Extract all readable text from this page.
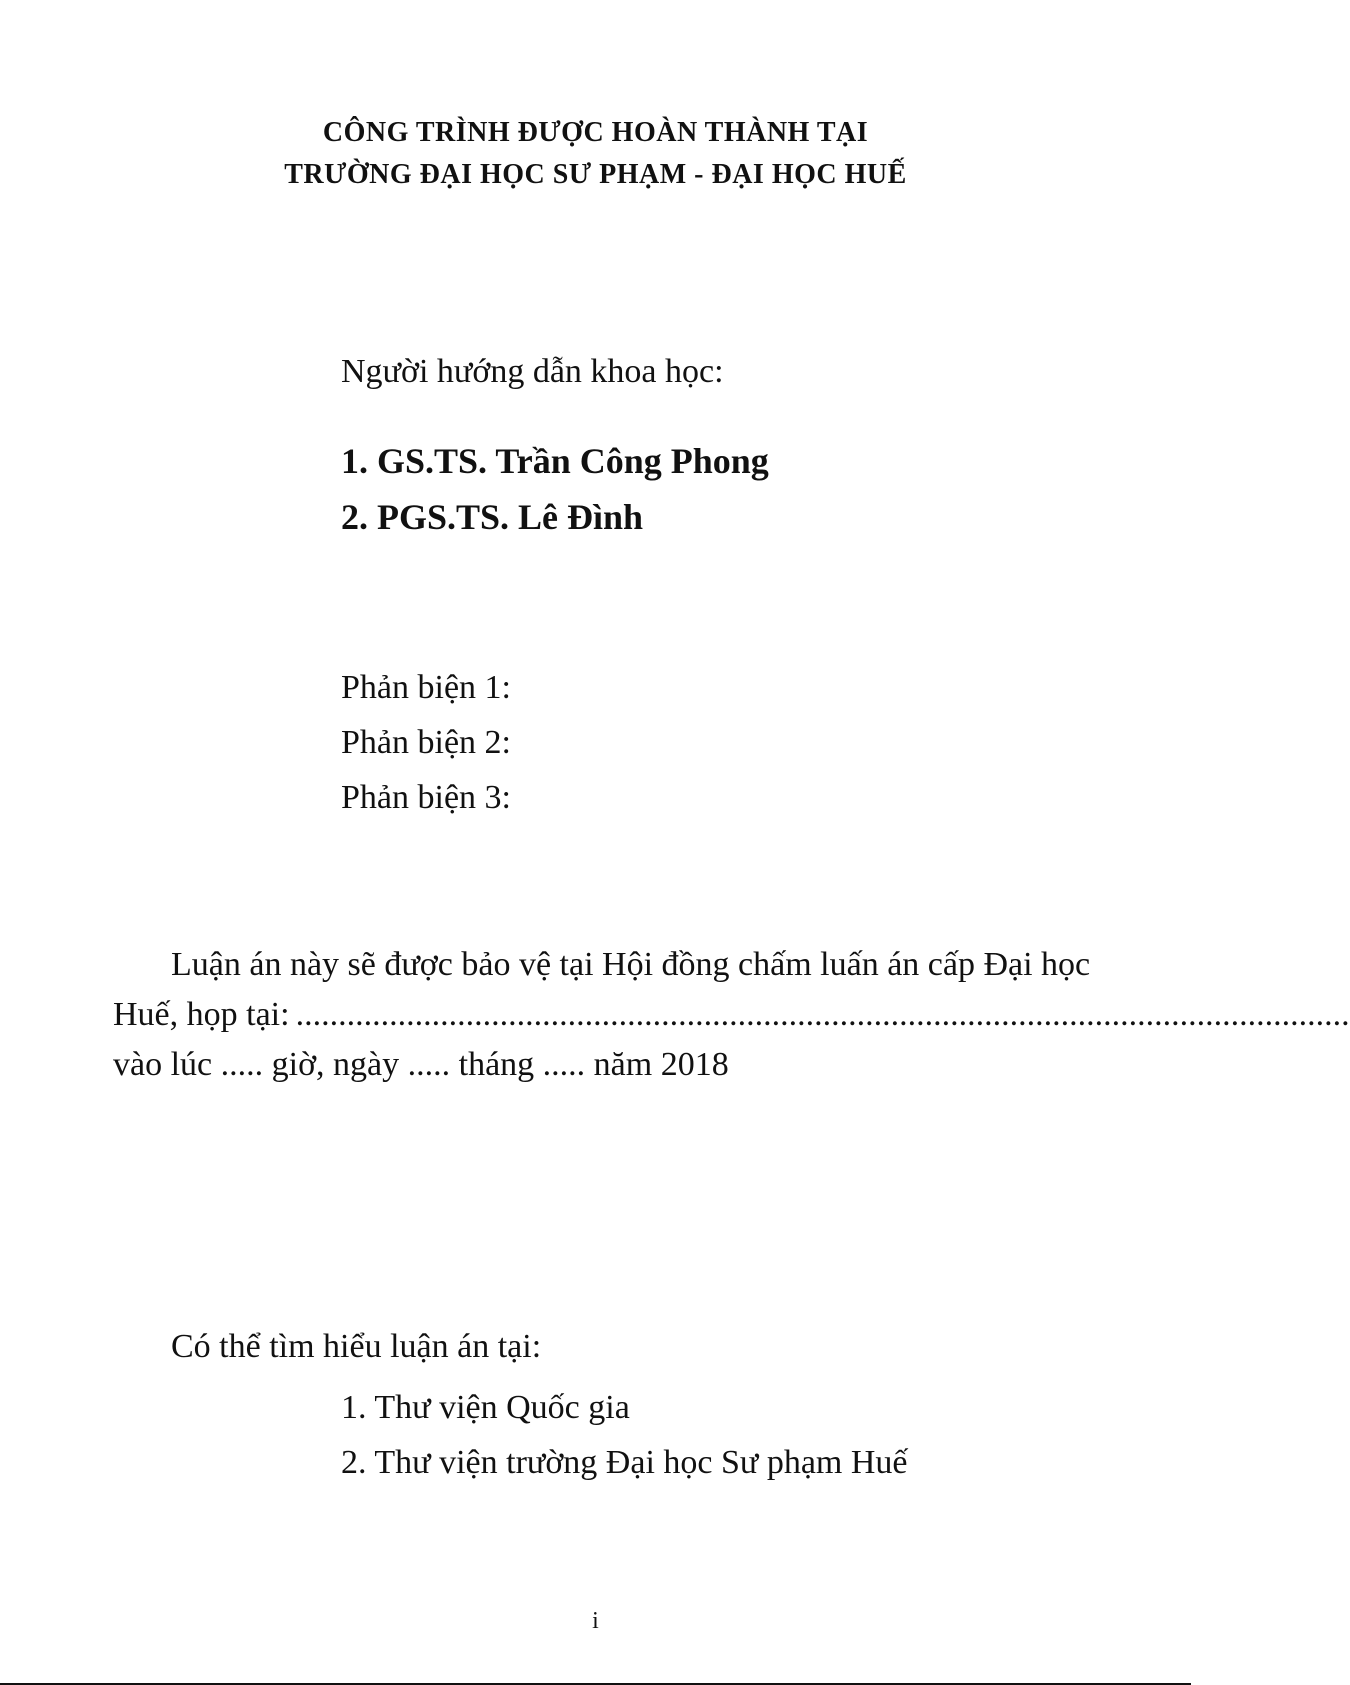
CÔNG TRÌNH ĐƯỢC HOÀN THÀNH TẠI
TRƯỜNG ĐẠI HỌC SƯ PHẠM - ĐẠI HỌC HUẾ
Người hướng dẫn khoa học:
1. GS.TS. Trần Công Phong
2. PGS.TS. Lê Đình
Phản biện 1:
Phản biện 2:
Phản biện 3:
Luận án này sẽ được bảo vệ tại Hội đồng chấm luấn án cấp Đại học
Huế, họp tại: ............................................................................................................................
vào lúc ..... giờ, ngày ..... tháng ..... năm 2018
Có thể tìm hiểu luận án tại:
1. Thư viện Quốc gia
2. Thư viện trường Đại học Sư phạm Huế
i
